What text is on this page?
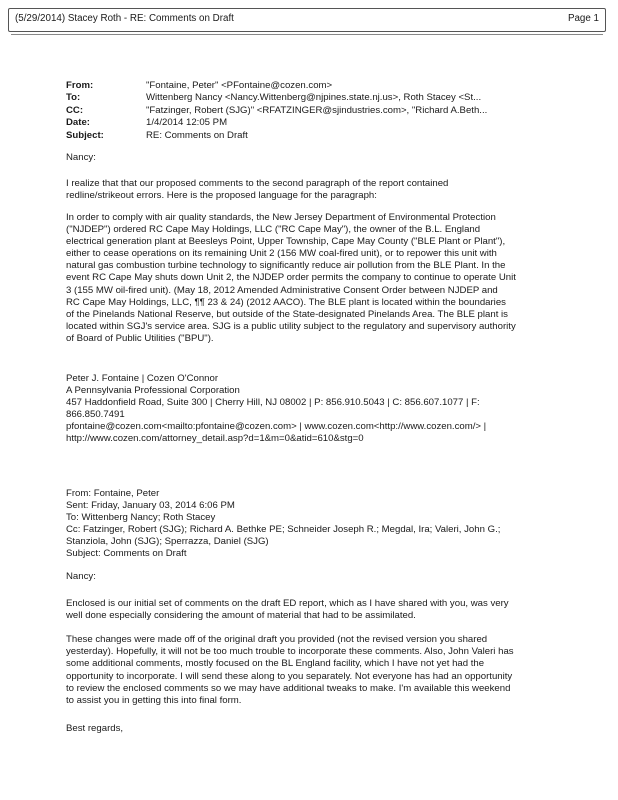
(5/29/2014) Stacey Roth - RE: Comments on Draft	Page 1
From:	"Fontaine, Peter" <PFontaine@cozen.com>
To:	Wittenberg Nancy <Nancy.Wittenberg@njpines.state.nj.us>, Roth Stacey <St...
CC:	"Fatzinger, Robert (SJG)" <RFATZINGER@sjindustries.com>, "Richard A.Beth...
Date:	1/4/2014 12:05 PM
Subject:	RE: Comments on Draft
Nancy:
I realize that that our proposed comments to the second paragraph of the report contained
redline/strikeout errors. Here is the proposed language for the paragraph:
In order to comply with air quality standards, the New Jersey Department of Environmental Protection
("NJDEP") ordered RC Cape May Holdings, LLC ("RC Cape May"), the owner of the B.L. England
electrical generation plant at Beesleys Point, Upper Township, Cape May County ("BLE Plant or Plant"),
either to cease operations on its remaining Unit 2 (156 MW coal-fired unit), or to repower this unit with
natural gas combustion turbine technology to significantly reduce air pollution from the BLE Plant. In the
event RC Cape May shuts down Unit 2, the NJDEP order permits the company to continue to operate Unit
3 (155 MW oil-fired unit). (May 18, 2012 Amended Administrative Consent Order between NJDEP and
RC Cape May Holdings, LLC, ¶¶ 23 & 24) (2012 AACO). The BLE plant is located within the boundaries
of the Pinelands National Reserve, but outside of the State-designated Pinelands Area. The BLE plant is
located within SGJ's service area. SJG is a public utility subject to the regulatory and supervisory authority
of Board of Public Utilities ("BPU").
Peter J. Fontaine | Cozen O'Connor
A Pennsylvania Professional Corporation
457 Haddonfield Road, Suite 300 | Cherry Hill, NJ 08002 | P: 856.910.5043 | C: 856.607.1077 | F:
866.850.7491
pfontaine@cozen.com<mailto:pfontaine@cozen.com> | www.cozen.com<http://www.cozen.com/> |
http://www.cozen.com/attorney_detail.asp?d=1&m=0&atid=610&stg=0
From: Fontaine, Peter
Sent: Friday, January 03, 2014 6:06 PM
To: Wittenberg Nancy; Roth Stacey
Cc: Fatzinger, Robert (SJG); Richard A. Bethke PE; Schneider Joseph R.; Megdal, Ira; Valeri, John G.;
Stanziola, John (SJG); Sperrazza, Daniel (SJG)
Subject: Comments on Draft
Nancy:
Enclosed is our initial set of comments on the draft ED report, which as I have shared with you, was very
well done especially considering the amount of material that had to be assimilated.
These changes were made off of the original draft you provided (not the revised version you shared
yesterday). Hopefully, it will not be too much trouble to incorporate these comments. Also, John Valeri has
some additional comments, mostly focused on the BL England facility, which I have not yet had the
opportunity to incorporate. I will send these along to you separately. Not everyone has had an opportunity
to review the enclosed comments so we may have additional tweaks to make. I'm available this weekend
to assist you in getting this into final form.
Best regards,
